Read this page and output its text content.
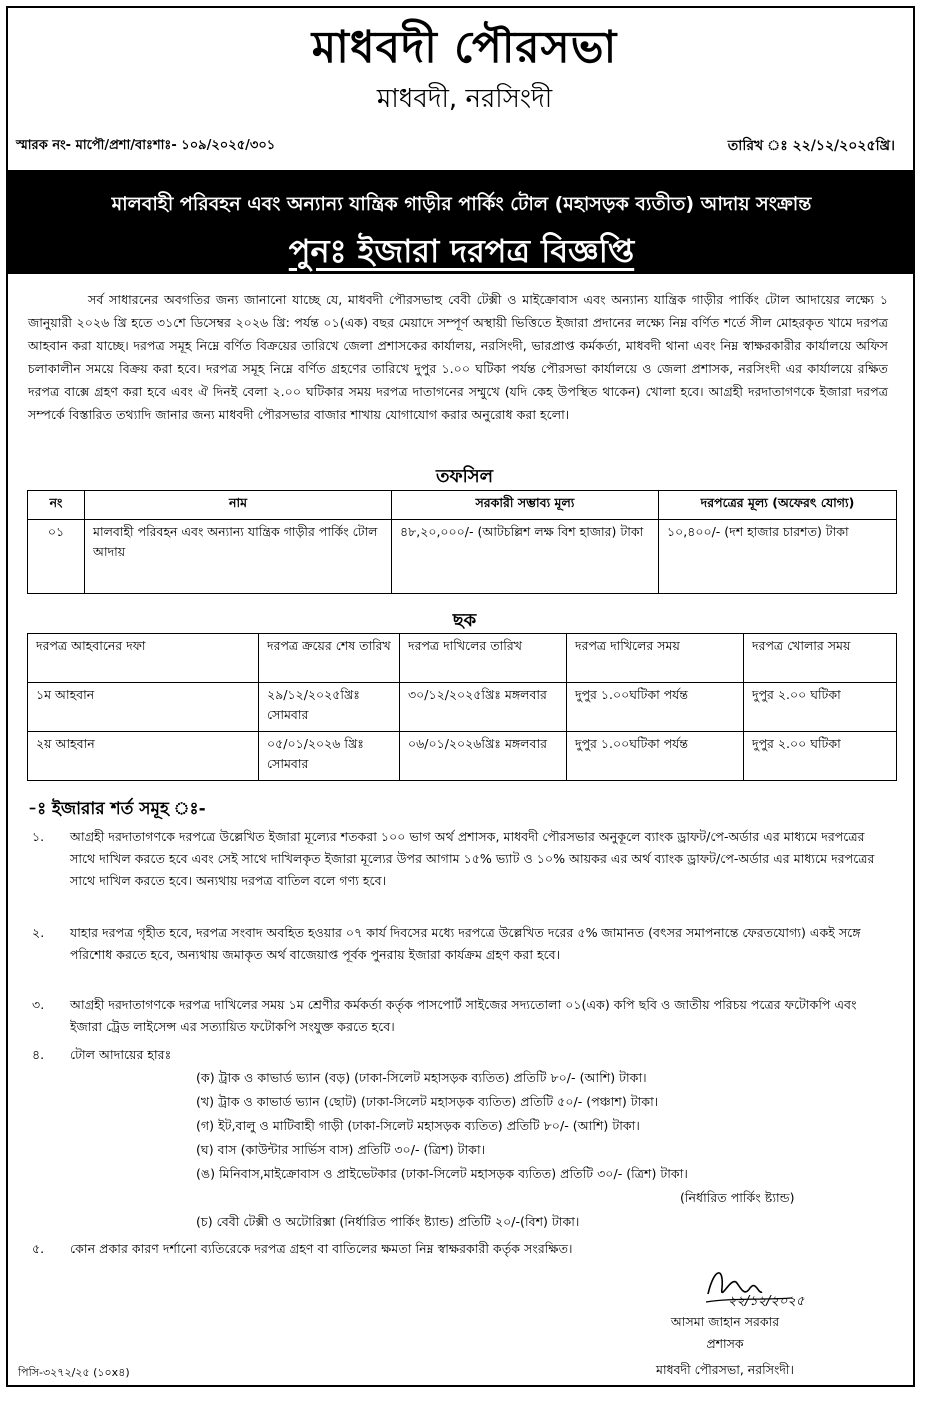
মাধবদী পৌরসভা
মাধবদী, নরসিংদী
স্মারক নং- মাপৌ/প্রশা/বাঃশাঃ- ১০৯/২০২৫/৩০১	তারিখ ঃ ২২/১২/২০২৫খ্রি।
মালবাহী পরিবহন এবং অন্যান্য যান্ত্রিক গাড়ীর পার্কিং টোল (মহাসড়ক ব্যতীত) আদায় সংক্রান্ত
পুনঃ ইজারা দরপত্র বিজ্ঞপ্তি
সর্ব সাধারনের অবগতির জন্য জানানো যাচ্ছে যে, মাধবদী পৌরসভাহু বেবী টেক্সী ও মাইক্রোবাস এবং অন্যান্য যান্ত্রিক গাড়ীর পার্কিং টোল আদায়ের লক্ষ্যে ১ জানুয়ারী ২০২৬ খ্রি হতে ৩১শে ডিসেম্বর ২০২৬ খ্রি: পর্যন্ত ০১(এক) বছর মেয়াদে সম্পূর্ণ অস্থায়ী ভিত্তিতে ইজারা প্রদানের লক্ষ্যে নিম্ন বর্ণিত শর্তে সীল মোহরকৃত খামে দরপত্র আহবান করা যাচ্ছে। দরপত্র সমূহ নিম্নে বর্ণিত বিক্রয়ের তারিখে জেলা প্রশাসকের কার্যালয়, নরসিংদী, ভারপ্রাপ্ত কর্মকর্তা, মাধবদী থানা এবং নিম্ন স্বাক্ষরকারীর কার্যালয়ে অফিস চলাকালীন সময়ে বিক্রয় করা হবে। দরপত্র সমূহ নিম্নে বর্ণিত গ্রহণের তারিখে দুপুর ১.০০ ঘটিকা পর্যন্ত পৌরসভা কার্যালয়ে ও জেলা প্রশাসক, নরসিংদী এর কার্যালয়ে রক্ষিত দরপত্র বাক্সে গ্রহণ করা হবে এবং ঐ দিনই বেলা ২.০০ ঘটিকার সময় দরপত্র দাতাগনের সম্মুখে (যদি কেহ উপস্থিত থাকেন) খোলা হবে। আগ্রহী দরদাতাগণকে ইজারা দরপত্র সম্পর্কে বিস্তারিত তথ্যাদি জানার জন্য মাধবদী পৌরসভার বাজার শাখায় যোগাযোগ করার অনুরোধ করা হলো।
তফসিল
নং	নাম	সরকারী সম্ভাব্য মূল্য	দরপত্রের মূল্য (অফেরৎ যোগ্য)
০১	মালবাহী পরিবহন এবং অন্যান্য যান্ত্রিক গাড়ীর পার্কিং টোল আদায়	৪৮,২০,০০০/- (আটচল্লিশ লক্ষ বিশ হাজার) টাকা	১০,৪০০/- (দশ হাজার চারশত) টাকা
ছক
দরপত্র আহবানের দফা	দরপত্র ক্রয়ের শেষ তারিখ	দরপত্র দাখিলের তারিখ	দরপত্র দাখিলের সময়	দরপত্র খোলার সময়
১ম আহবান	২৯/১২/২০২৫খ্রিঃ সোমবার	৩০/১২/২০২৫খ্রিঃ মঙ্গলবার	দুপুর ১.০০ঘটিকা পর্যন্ত	দুপুর ২.০০ ঘটিকা
২য় আহবান	০৫/০১/২০২৬ খ্রিঃ সোমবার	০৬/০১/২০২৬খ্রিঃ মঙ্গলবার	দুপুর ১.০০ঘটিকা পর্যন্ত	দুপুর ২.০০ ঘটিকা
-ঃ ইজারার শর্ত সমূহ ঃ-
১. আগ্রহী দরদাতাগণকে দরপত্রে উল্লেখিত ইজারা মূল্যের শতকরা ১০০ ভাগ অর্থ প্রশাসক, মাধবদী পৌরসভার অনুকূলে ব্যাংক ড্রাফট/পে-অর্ডার এর মাধ্যমে দরপত্রের সাথে দাখিল করতে হবে এবং সেই সাথে দাখিলকৃত ইজারা মূল্যের উপর আগাম ১৫% ভ্যাট ও ১০% আয়কর এর অর্থ ব্যাংক ড্রাফট/পে-অর্ডার এর মাধ্যমে দরপত্রের সাথে দাখিল করতে হবে। অন্যথায় দরপত্র বাতিল বলে গণ্য হবে।
২. যাহার দরপত্র গৃহীত হবে, দরপত্র সংবাদ অবহিত হওয়ার ০৭ কার্য দিবসের মধ্যে দরপত্রে উল্লেখিত দরের ৫% জামানত (বৎসর সমাপনান্তে ফেরতযোগ্য) একই সঙ্গে পরিশোধ করতে হবে, অন্যথায় জমাকৃত অর্থ বাজেয়াপ্ত পূর্বক পুনরায় ইজারা কার্যক্রম গ্রহণ করা হবে।
৩. আগ্রহী দরদাতাগণকে দরপত্র দাখিলের সময় ১ম শ্রেণীর কর্মকর্তা কর্তৃক পাসপোর্ট সাইজের সদ্যতোলা ০১(এক) কপি ছবি ও জাতীয় পরিচয় পত্রের ফটোকপি এবং ইজারা ট্রেড লাইসেন্স এর সত্যায়িত ফটোকপি সংযুক্ত করতে হবে।
৪. টোল আদায়ের হারঃ
(ক) ট্রাক ও কাভার্ড ভ্যান (বড়) (ঢাকা-সিলেট মহাসড়ক ব্যতিত) প্রতিটি ৮০/- (আশি) টাকা।
(খ) ট্রাক ও কাভার্ড ভ্যান (ছোট) (ঢাকা-সিলেট মহাসড়ক ব্যতিত) প্রতিটি ৫০/- (পঞ্চাশ) টাকা।
(গ) ইট,বালু ও মাটিবাহী গাড়ী (ঢাকা-সিলেট মহাসড়ক ব্যতিত) প্রতিটি ৮০/- (আশি) টাকা।
(ঘ) বাস (কাউন্টার সার্ভিস বাস) প্রতিটি ৩০/- (ত্রিশ) টাকা।
(ঙ) মিনিবাস,মাইক্রোবাস ও প্রাইভেটকার (ঢাকা-সিলেট মহাসড়ক ব্যতিত) প্রতিটি ৩০/- (ত্রিশ) টাকা।
(নির্ধারিত পার্কিং ষ্ট্যান্ড)
(চ) বেবী টেক্সী ও অটোরিক্সা (নির্ধারিত পার্কিং ষ্ট্যান্ড) প্রতিটি ২০/-(বিশ) টাকা।
৫. কোন প্রকার কারণ দর্শানো ব্যতিরেকে দরপত্র গ্রহণ বা বাতিলের ক্ষমতা নিম্ন স্বাক্ষরকারী কর্তৃক সংরক্ষিত।
২২/১২/২০২৫
আসমা জাহান সরকার
প্রশাসক
মাধবদী পৌরসভা, নরসিংদী।
পিসি-৩২৭২/২৫ (১০x৪)
